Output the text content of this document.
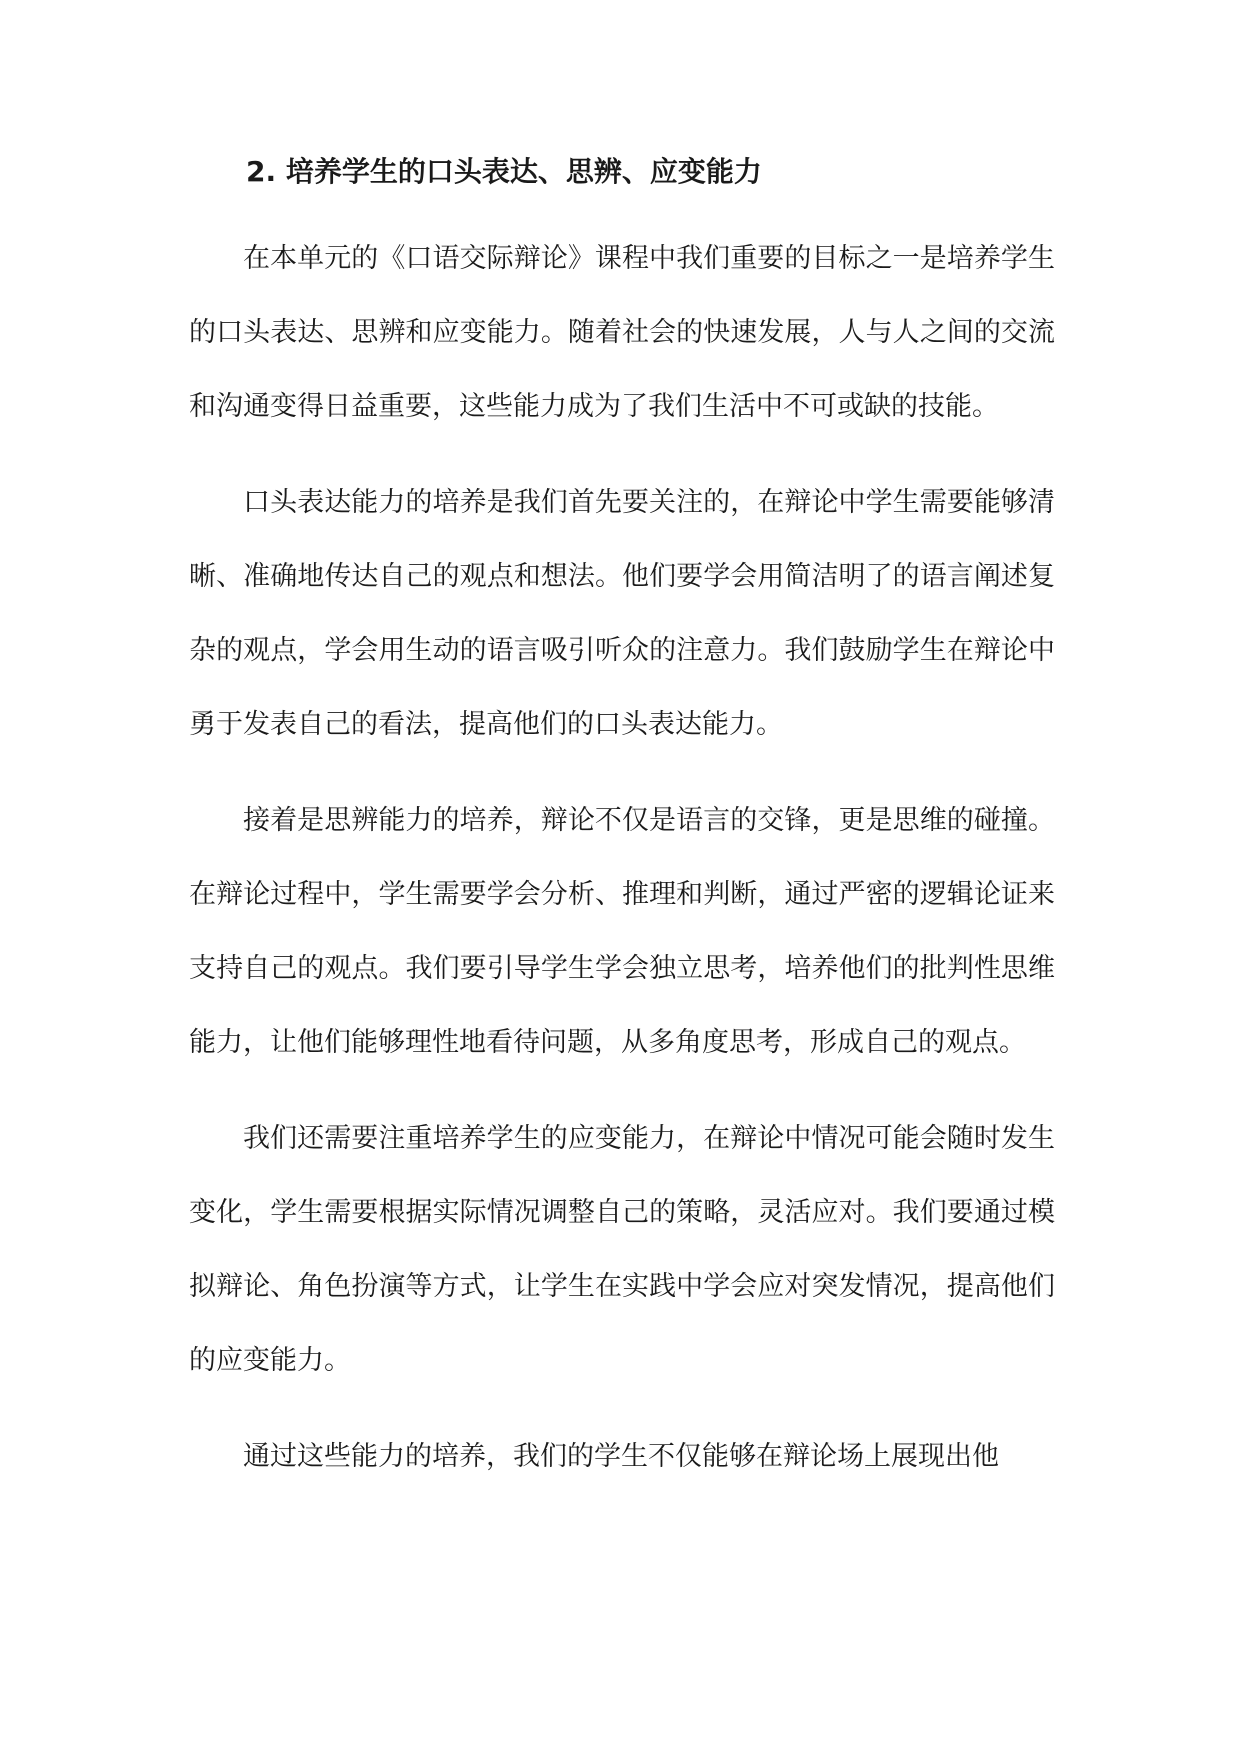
2. 培养学生的口头表达、思辨、应变能力

在本单元的《口语交际辩论》课程中我们重要的目标之一是培养学生的口头表达、思辨和应变能力。随着社会的快速发展，人与人之间的交流和沟通变得日益重要，这些能力成为了我们生活中不可或缺的技能。

口头表达能力的培养是我们首先要关注的，在辩论中学生需要能够清晰、准确地传达自己的观点和想法。他们要学会用简洁明了的语言阐述复杂的观点，学会用生动的语言吸引听众的注意力。我们鼓励学生在辩论中勇于发表自己的看法，提高他们的口头表达能力。

接着是思辨能力的培养，辩论不仅是语言的交锋，更是思维的碰撞。在辩论过程中，学生需要学会分析、推理和判断，通过严密的逻辑论证来支持自己的观点。我们要引导学生学会独立思考，培养他们的批判性思维能力，让他们能够理性地看待问题，从多角度思考，形成自己的观点。

我们还需要注重培养学生的应变能力，在辩论中情况可能会随时发生变化，学生需要根据实际情况调整自己的策略，灵活应对。我们要通过模拟辩论、角色扮演等方式，让学生在实践中学会应对突发情况，提高他们的应变能力。

通过这些能力的培养，我们的学生不仅能够在辩论场上展现出他
